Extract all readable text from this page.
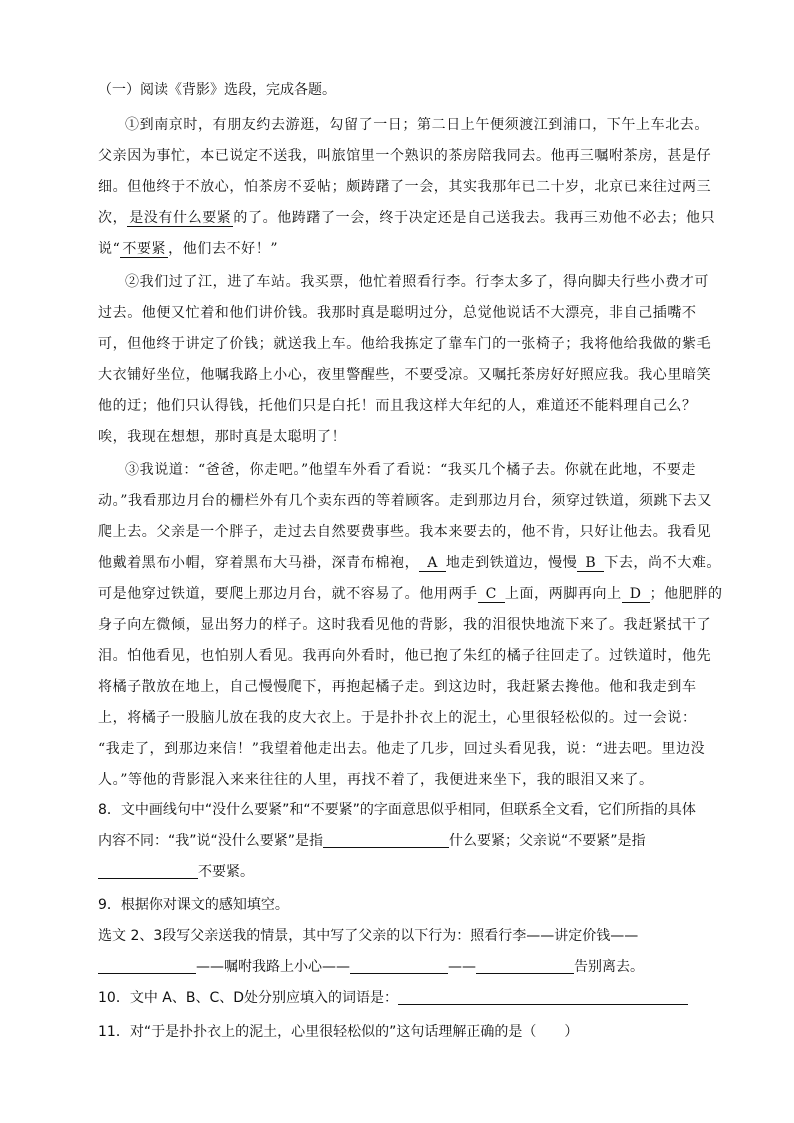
（一）阅读《背影》选段，完成各题。
①到南京时，有朋友约去游逛，勾留了一日；第二日上午便须渡江到浦口，下午上车北去。
父亲因为事忙，本已说定不送我，叫旅馆里一个熟识的茶房陪我同去。他再三嘱咐茶房，甚是仔
细。但他终于不放心，怕茶房不妥帖；颇踌躇了一会，其实我那年已二十岁，北京已来往过两三
次， 是没有什么要紧 的了。他踌躇了一会，终于决定还是自己送我去。我再三劝他不必去；他只
说“ 不要紧 ，他们去不好！”
②我们过了江，进了车站。我买票，他忙着照看行李。行李太多了，得向脚夫行些小费才可
过去。他便又忙着和他们讲价钱。我那时真是聪明过分，总觉他说话不大漂亮，非自己插嘴不
可，但他终于讲定了价钱；就送我上车。他给我拣定了靠车门的一张椅子；我将他给我做的紫毛
大衣铺好坐位，他嘱我路上小心，夜里警醒些，不要受凉。又嘱托茶房好好照应我。我心里暗笑
他的迂；他们只认得钱，托他们只是白托！而且我这样大年纪的人，难道还不能料理自己么？
唉，我现在想想，那时真是太聪明了！
③我说道：“爸爸，你走吧。”他望车外看了看说：“我买几个橘子去。你就在此地，不要走
动。”我看那边月台的栅栏外有几个卖东西的等着顾客。走到那边月台，须穿过铁道，须跳下去又
爬上去。父亲是一个胖子，走过去自然要费事些。我本来要去的，他不肯，只好让他去。我看见
他戴着黑布小帽，穿着黑布大马褂，深青布棉袍， A 地走到铁道边，慢慢 B 下去，尚不大难。
可是他穿过铁道，要爬上那边月台，就不容易了。他用两手 C 上面，两脚再向上 D ；他肥胖的
身子向左微倾，显出努力的样子。这时我看见他的背影，我的泪很快地流下来了。我赶紧拭干了
泪。怕他看见，也怕别人看见。我再向外看时，他已抱了朱红的橘子往回走了。过铁道时，他先
将橘子散放在地上，自己慢慢爬下，再抱起橘子走。到这边时，我赶紧去搀他。他和我走到车
上，将橘子一股脑儿放在我的皮大衣上。于是扑扑衣上的泥土，心里很轻松似的。过一会说：
“我走了，到那边来信！”我望着他走出去。他走了几步，回过头看见我，说：“进去吧。里边没
人。”等他的背影混入来来往往的人里，再找不着了，我便进来坐下，我的眼泪又来了。
8．文中画线句中“没什么要紧”和“不要紧”的字面意思似乎相同，但联系全文看，它们所指的具体
内容不同：“我”说“没什么要紧”是指	什么要紧；父亲说“不要紧”是指
不要紧。
9．根据你对课文的感知填空。
选文 2、3段写父亲送我的情景，其中写了父亲的以下行为：照看行李——讲定价钱——
——嘱咐我路上小心——	——	告别离去。
10．文中 A、B、C、D处分别应填入的词语是：
11．对“于是扑扑衣上的泥土，心里很轻松似的”这句话理解正确的是（　　）
